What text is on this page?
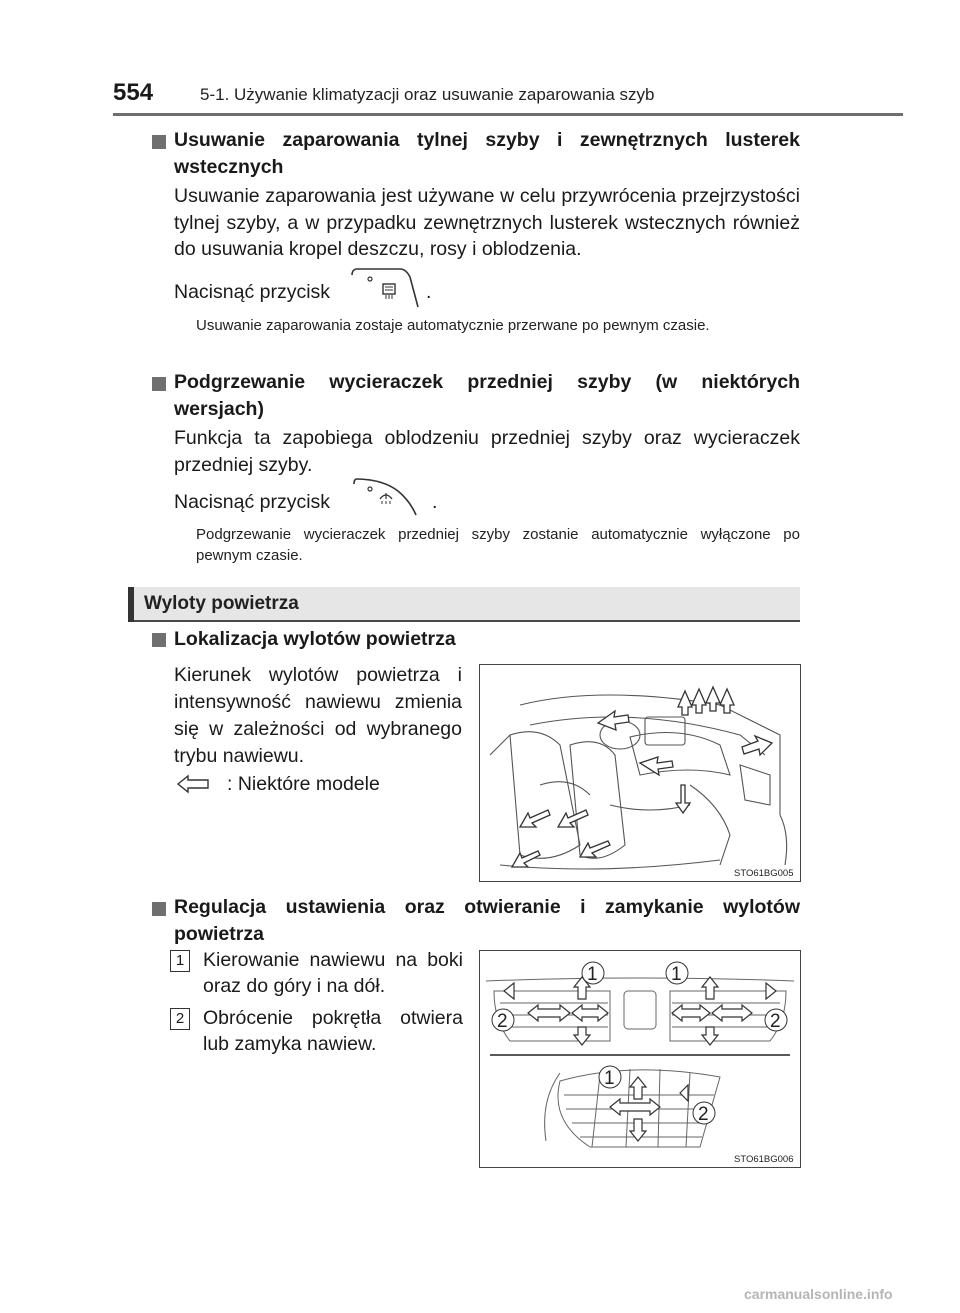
554	5-1. Używanie klimatyzacji oraz usuwanie zaparowania szyb
Usuwanie zaparowania tylnej szyby i zewnętrznych lusterek wstecznych
Usuwanie zaparowania jest używane w celu przywrócenia przejrzystości tylnej szyby, a w przypadku zewnętrznych lusterek wstecznych również do usuwania kropel deszczu, rosy i oblodzenia.
Nacisnąć przycisk	.
Usuwanie zaparowania zostaje automatycznie przerwane po pewnym czasie.
Podgrzewanie wycieraczek przedniej szyby (w niektórych wersjach)
Funkcja ta zapobiega oblodzeniu przedniej szyby oraz wycieraczek przedniej szyby.
Nacisnąć przycisk	.
Podgrzewanie wycieraczek przedniej szyby zostanie automatycznie wyłączone po pewnym czasie.
Wyloty powietrza
Lokalizacja wylotów powietrza
Kierunek wylotów powietrza i intensywność nawiewu zmienia się w zależności od wybranego trybu nawiewu.
: Niektóre modele
STO61BG005
Regulacja ustawienia oraz otwieranie i zamykanie wylotów powietrza
1 Kierowanie nawiewu na boki oraz do góry i na dół.
2 Obrócenie pokrętła otwiera lub zamyka nawiew.
1	1
2	2
1
2
STO61BG006
carmanualsonline.info
